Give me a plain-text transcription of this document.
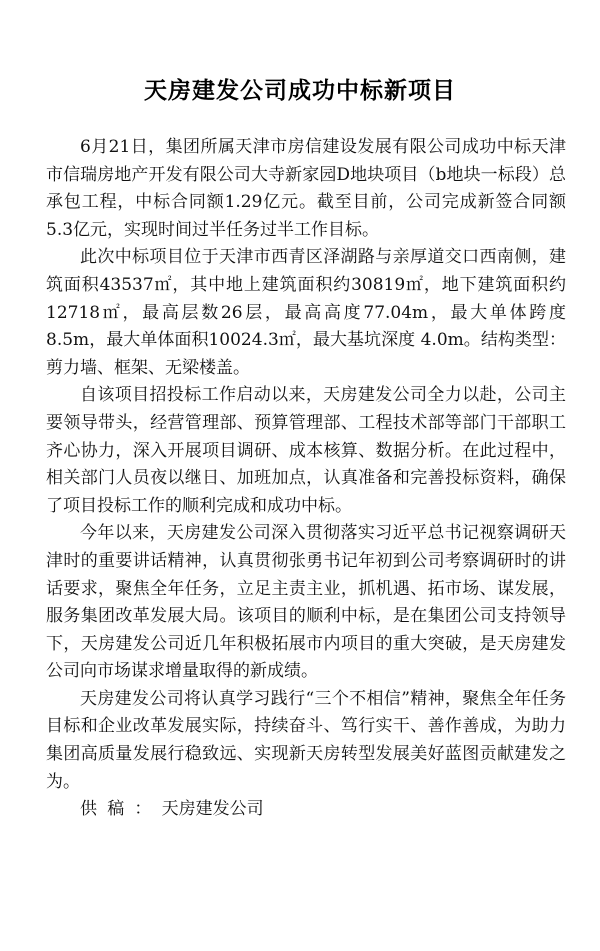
天房建发公司成功中标新项目

6月21日，集团所属天津市房信建设发展有限公司成功中标天津市信瑞房地产开发有限公司大寺新家园D地块项目（b地块一标段）总承包工程，中标合同额1.29亿元。截至目前，公司完成新签合同额5.3亿元，实现时间过半任务过半工作目标。

此次中标项目位于天津市西青区泽湖路与亲厚道交口西南侧，建筑面积43537㎡，其中地上建筑面积约30819㎡，地下建筑面积约12718㎡，最高层数26层，最高高度77.04m，最大单体跨度8.5m，最大单体面积10024.3㎡，最大基坑深度 4.0m。结构类型：剪力墙、框架、无梁楼盖。

自该项目招投标工作启动以来，天房建发公司全力以赴，公司主要领导带头，经营管理部、预算管理部、工程技术部等部门干部职工齐心协力，深入开展项目调研、成本核算、数据分析。在此过程中，相关部门人员夜以继日、加班加点，认真准备和完善投标资料，确保了项目投标工作的顺利完成和成功中标。

今年以来，天房建发公司深入贯彻落实习近平总书记视察调研天津时的重要讲话精神，认真贯彻张勇书记年初到公司考察调研时的讲话要求，聚焦全年任务，立足主责主业，抓机遇、拓市场、谋发展，服务集团改革发展大局。该项目的顺利中标，是在集团公司支持领导下，天房建发公司近几年积极拓展市内项目的重大突破，是天房建发公司向市场谋求增量取得的新成绩。

天房建发公司将认真学习践行“三个不相信”精神，聚焦全年任务目标和企业改革发展实际，持续奋斗、笃行实干、善作善成，为助力集团高质量发展行稳致远、实现新天房转型发展美好蓝图贡献建发之为。

供稿：天房建发公司
